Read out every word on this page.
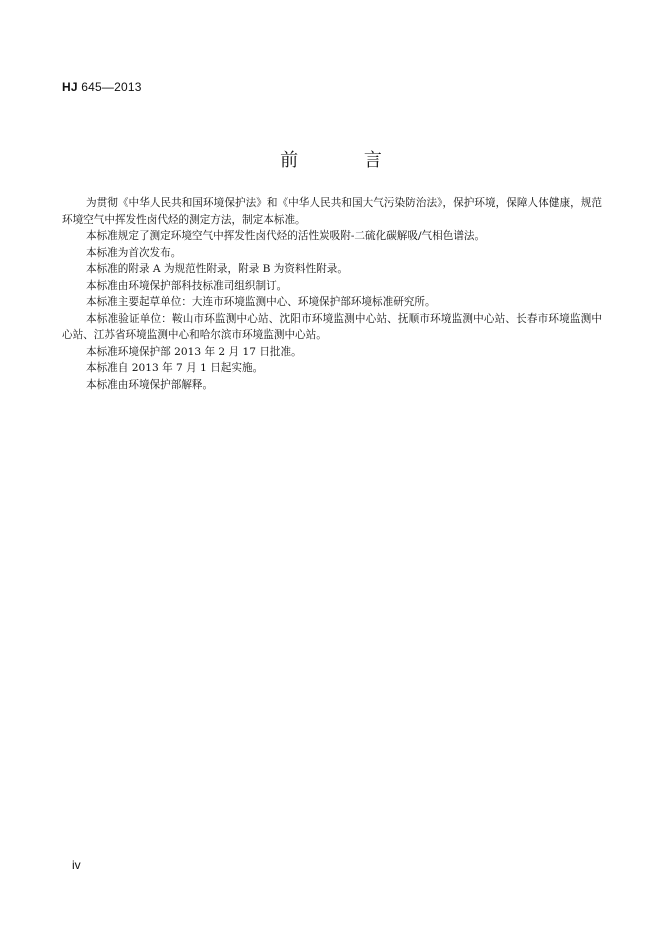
HJ 645—2013
前 言

为贯彻《中华人民共和国环境保护法》和《中华人民共和国大气污染防治法》，保护环境，保障人体健康，规范环境空气中挥发性卤代烃的测定方法，制定本标准。

本标准规定了测定环境空气中挥发性卤代烃的活性炭吸附-二硫化碳解吸/气相色谱法。

本标准为首次发布。

本标准的附录 A 为规范性附录，附录 B 为资料性附录。

本标准由环境保护部科技标准司组织制订。

本标准主要起草单位：大连市环境监测中心、环境保护部环境标准研究所。

本标准验证单位：鞍山市环监测中心站、沈阳市环境监测中心站、抚顺市环境监测中心站、长春市环境监测中心站、江苏省环境监测中心和哈尔滨市环境监测中心站。

本标准环境保护部 2013 年 2 月 17 日批准。

本标准自 2013 年 7 月 1 日起实施。

本标准由环境保护部解释。

iv
